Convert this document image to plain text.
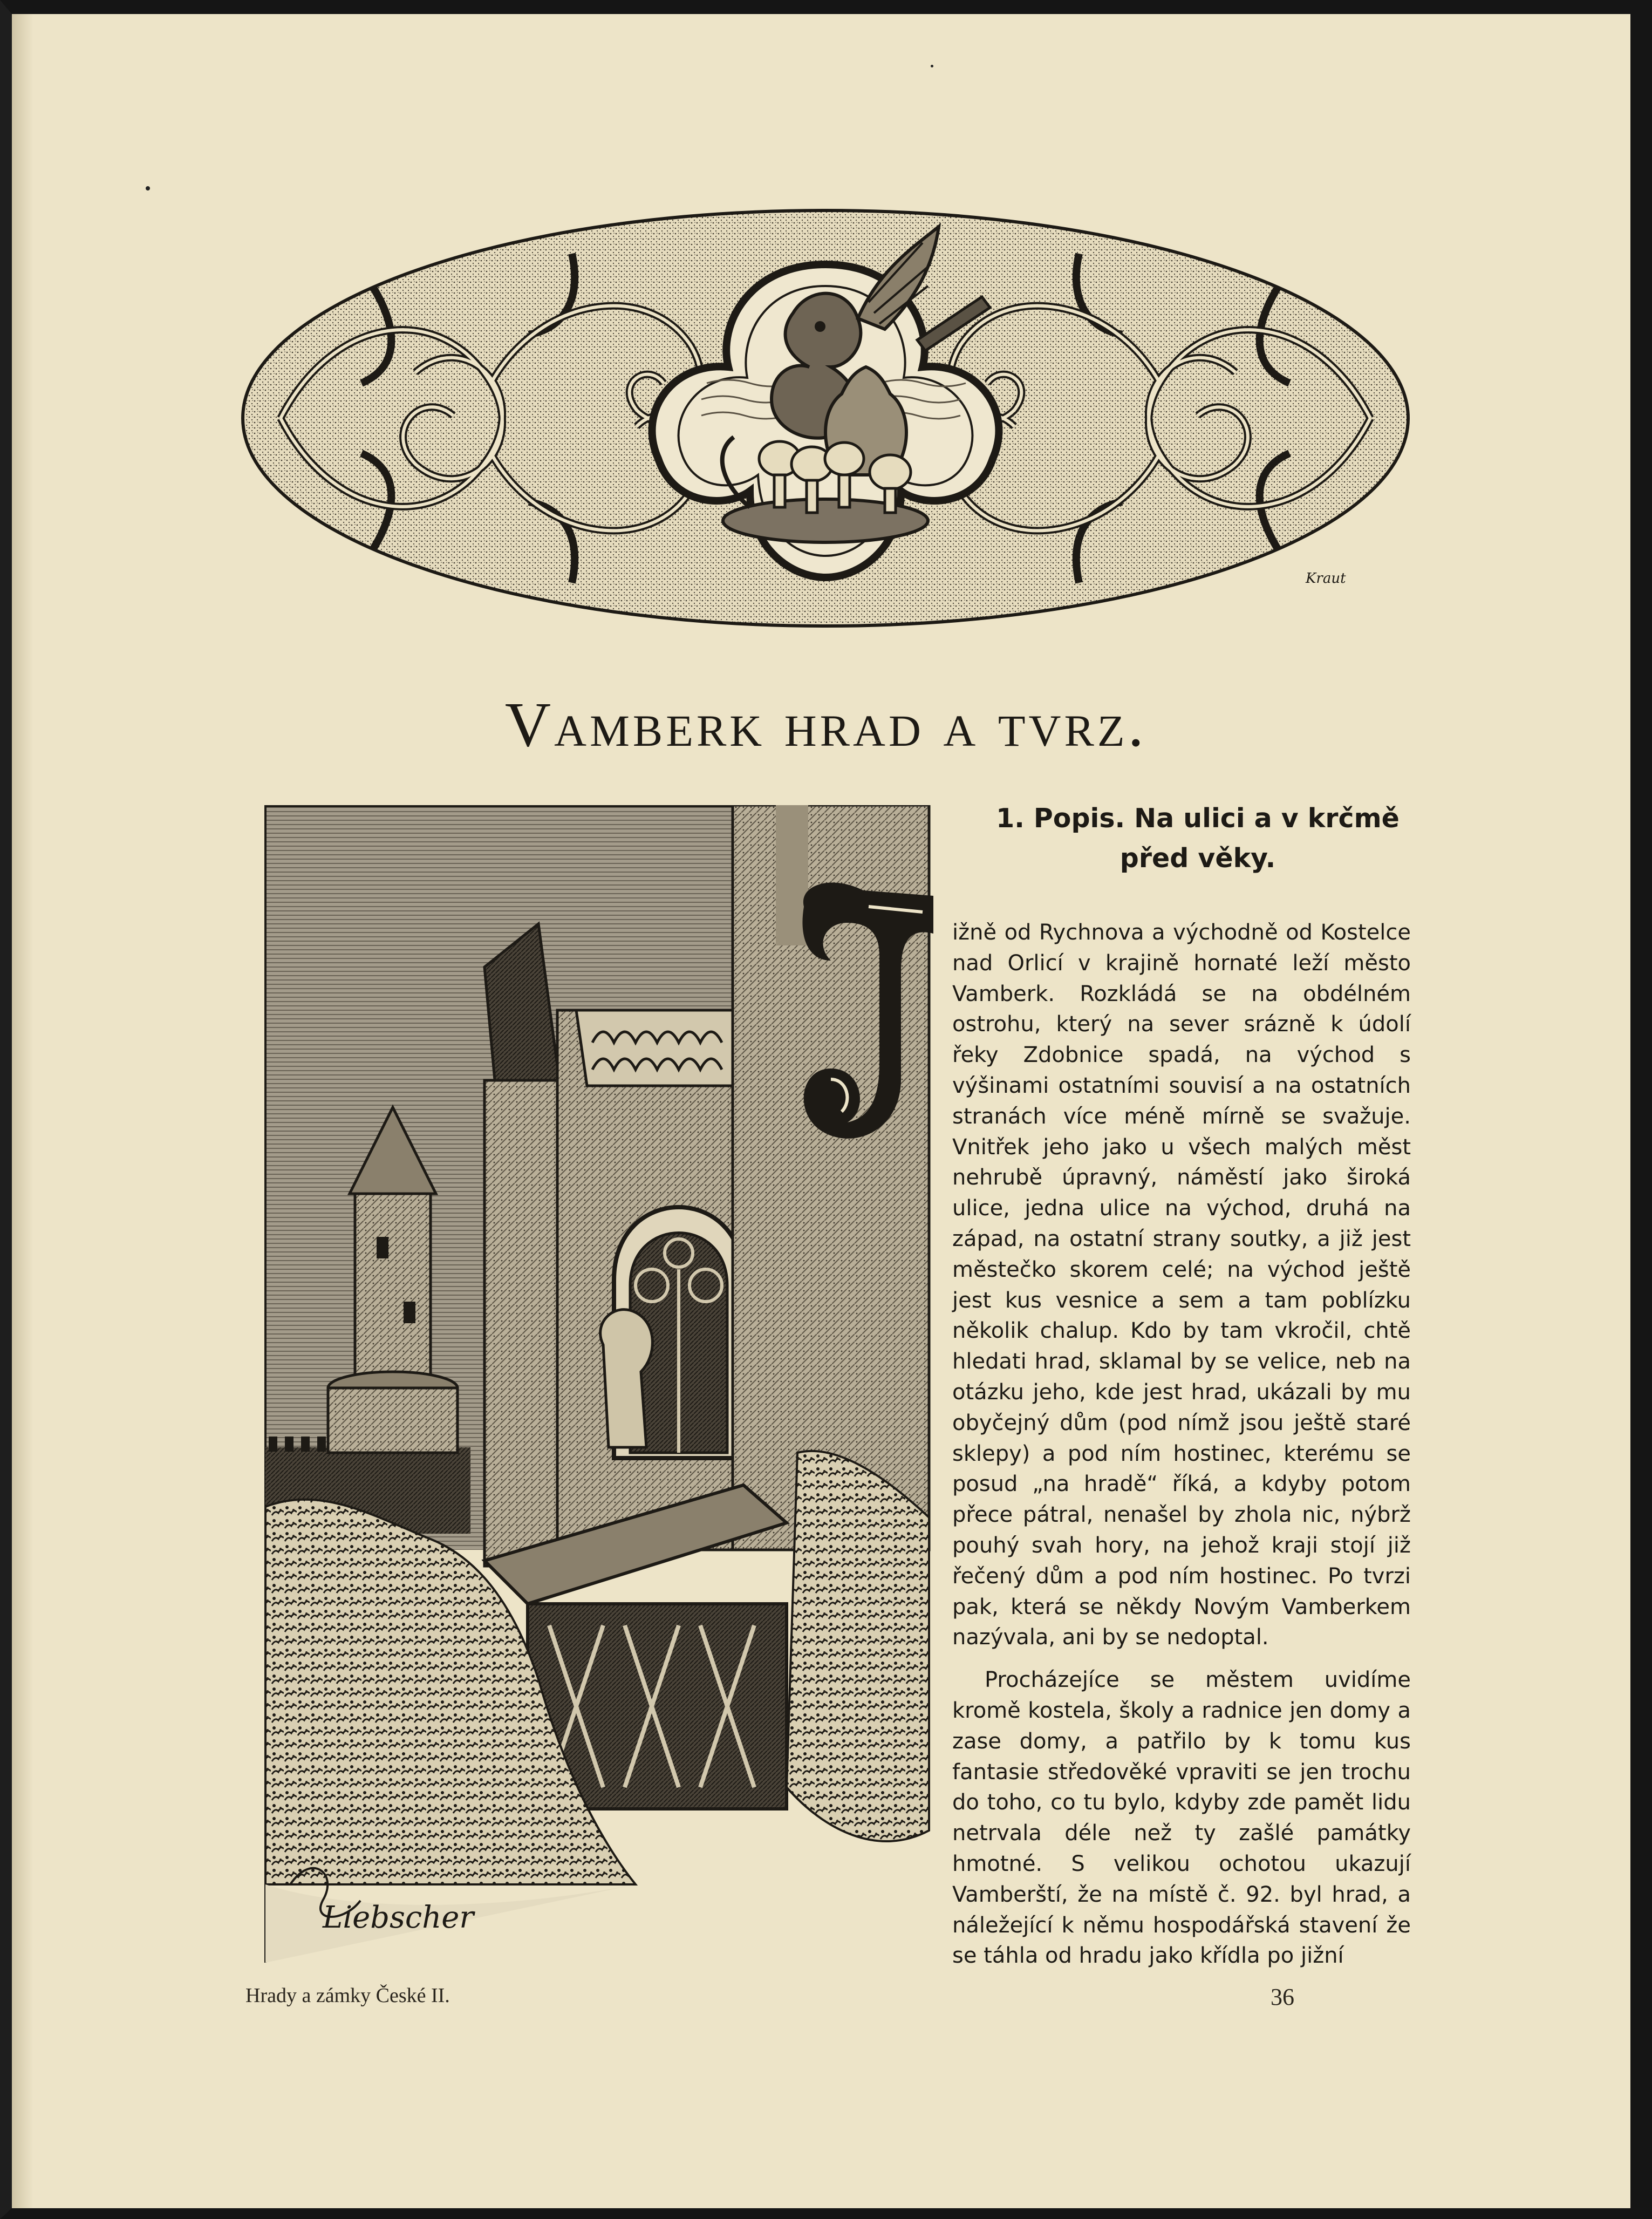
Kraut
Vamberk hrad a tvrz.
Liebscher

Hrady a zámky České II.

J
1. Popis. Na ulici a v krčmě
před věky.

ižně od Rychnova a východně od Kostelce nad Orlicí v krajině hornaté leží město Vamberk. Rozkládá se na obdélném ostrohu, který na sever srázně k údolí řeky Zdobnice spadá, na východ s výšinami ostatními souvisí a na ostatních stranách více méně mírně se svažuje. Vnitřek jeho jako u všech malých měst nehrubě úpravný, náměstí jako široká ulice, jedna ulice na východ, druhá na západ, na ostatní strany soutky, a již jest městečko skorem celé; na východ ještě jest kus vesnice a sem a tam poblízku několik chalup. Kdo by tam vkročil, chtě hledati hrad, sklamal by se velice, neb na otázku jeho, kde jest hrad, ukázali by mu obyčejný dům (pod nímž jsou ještě staré sklepy) a pod ním hostinec, kterému se posud „na hradě“ říká, a kdyby potom přece pátral, nenašel by zhola nic, nýbrž pouhý svah hory, na jehož kraji stojí již řečený dům a pod ním hostinec. Po tvrzi pak, která se někdy Novým Vamberkem nazývala, ani by se nedoptal.

Procházejíce se městem uvidíme kromě kostela, školy a radnice jen domy a zase domy, a patřilo by k tomu kus fantasie středověké vpraviti se jen trochu do toho, co tu bylo, kdyby zde pamět lidu netrvala déle než ty zašlé památky hmotné. S velikou ochotou ukazují Vamberští, že na místě č. 92. byl hrad, a náležející k němu hospodářská stavení že se táhla od hradu jako křídla po jižní

36
